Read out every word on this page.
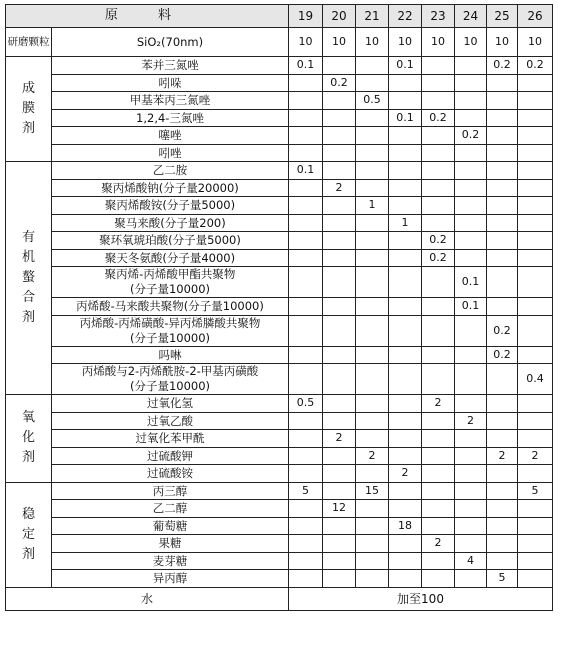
原 料		19	20	21	22	23	24	25	26
研磨颗粒	SiO₂(70nm)	10	10	10	10	10	10	10	10

成
膜
剂	苯并三氮唑	0.1			0.1			0.2	0.2
	吲哚		0.2						
	甲基苯丙三氮唑			0.5					
	1,2,4-三氮唑				0.1	0.2			
	噻唑						0.2		
	吲唑								

有
机
螯
合
剂	乙二胺	0.1							
	聚丙烯酸钠(分子量20000)		2						
	聚丙烯酸铵(分子量5000)			1					
	聚马来酸(分子量200)				1				
	聚环氧琥珀酸(分子量5000)					0.2			
	聚天冬氨酸(分子量4000)					0.2			
	聚丙烯-丙烯酸甲酯共聚物
(分子量10000)						0.1		
	丙烯酸-马来酸共聚物(分子量10000)						0.1		
	丙烯酸-丙烯磺酸-异丙烯膦酸共聚物
(分子量10000)							0.2	
	吗啉							0.2	
	丙烯酸与2-丙烯酰胺-2-甲基丙磺酸
(分子量10000)								0.4

氧
化
剂	过氧化氢	0.5				2			
	过氧乙酸						2		
	过氧化苯甲酰		2						
	过硫酸钾			2				2	2
	过硫酸铵				2				

稳
定
剂	丙三醇	5		15					5
	乙二醇		12						
	葡萄糖				18				
	果糖					2			
	麦芽糖						4		
	异丙醇							5	
水		加至100							
